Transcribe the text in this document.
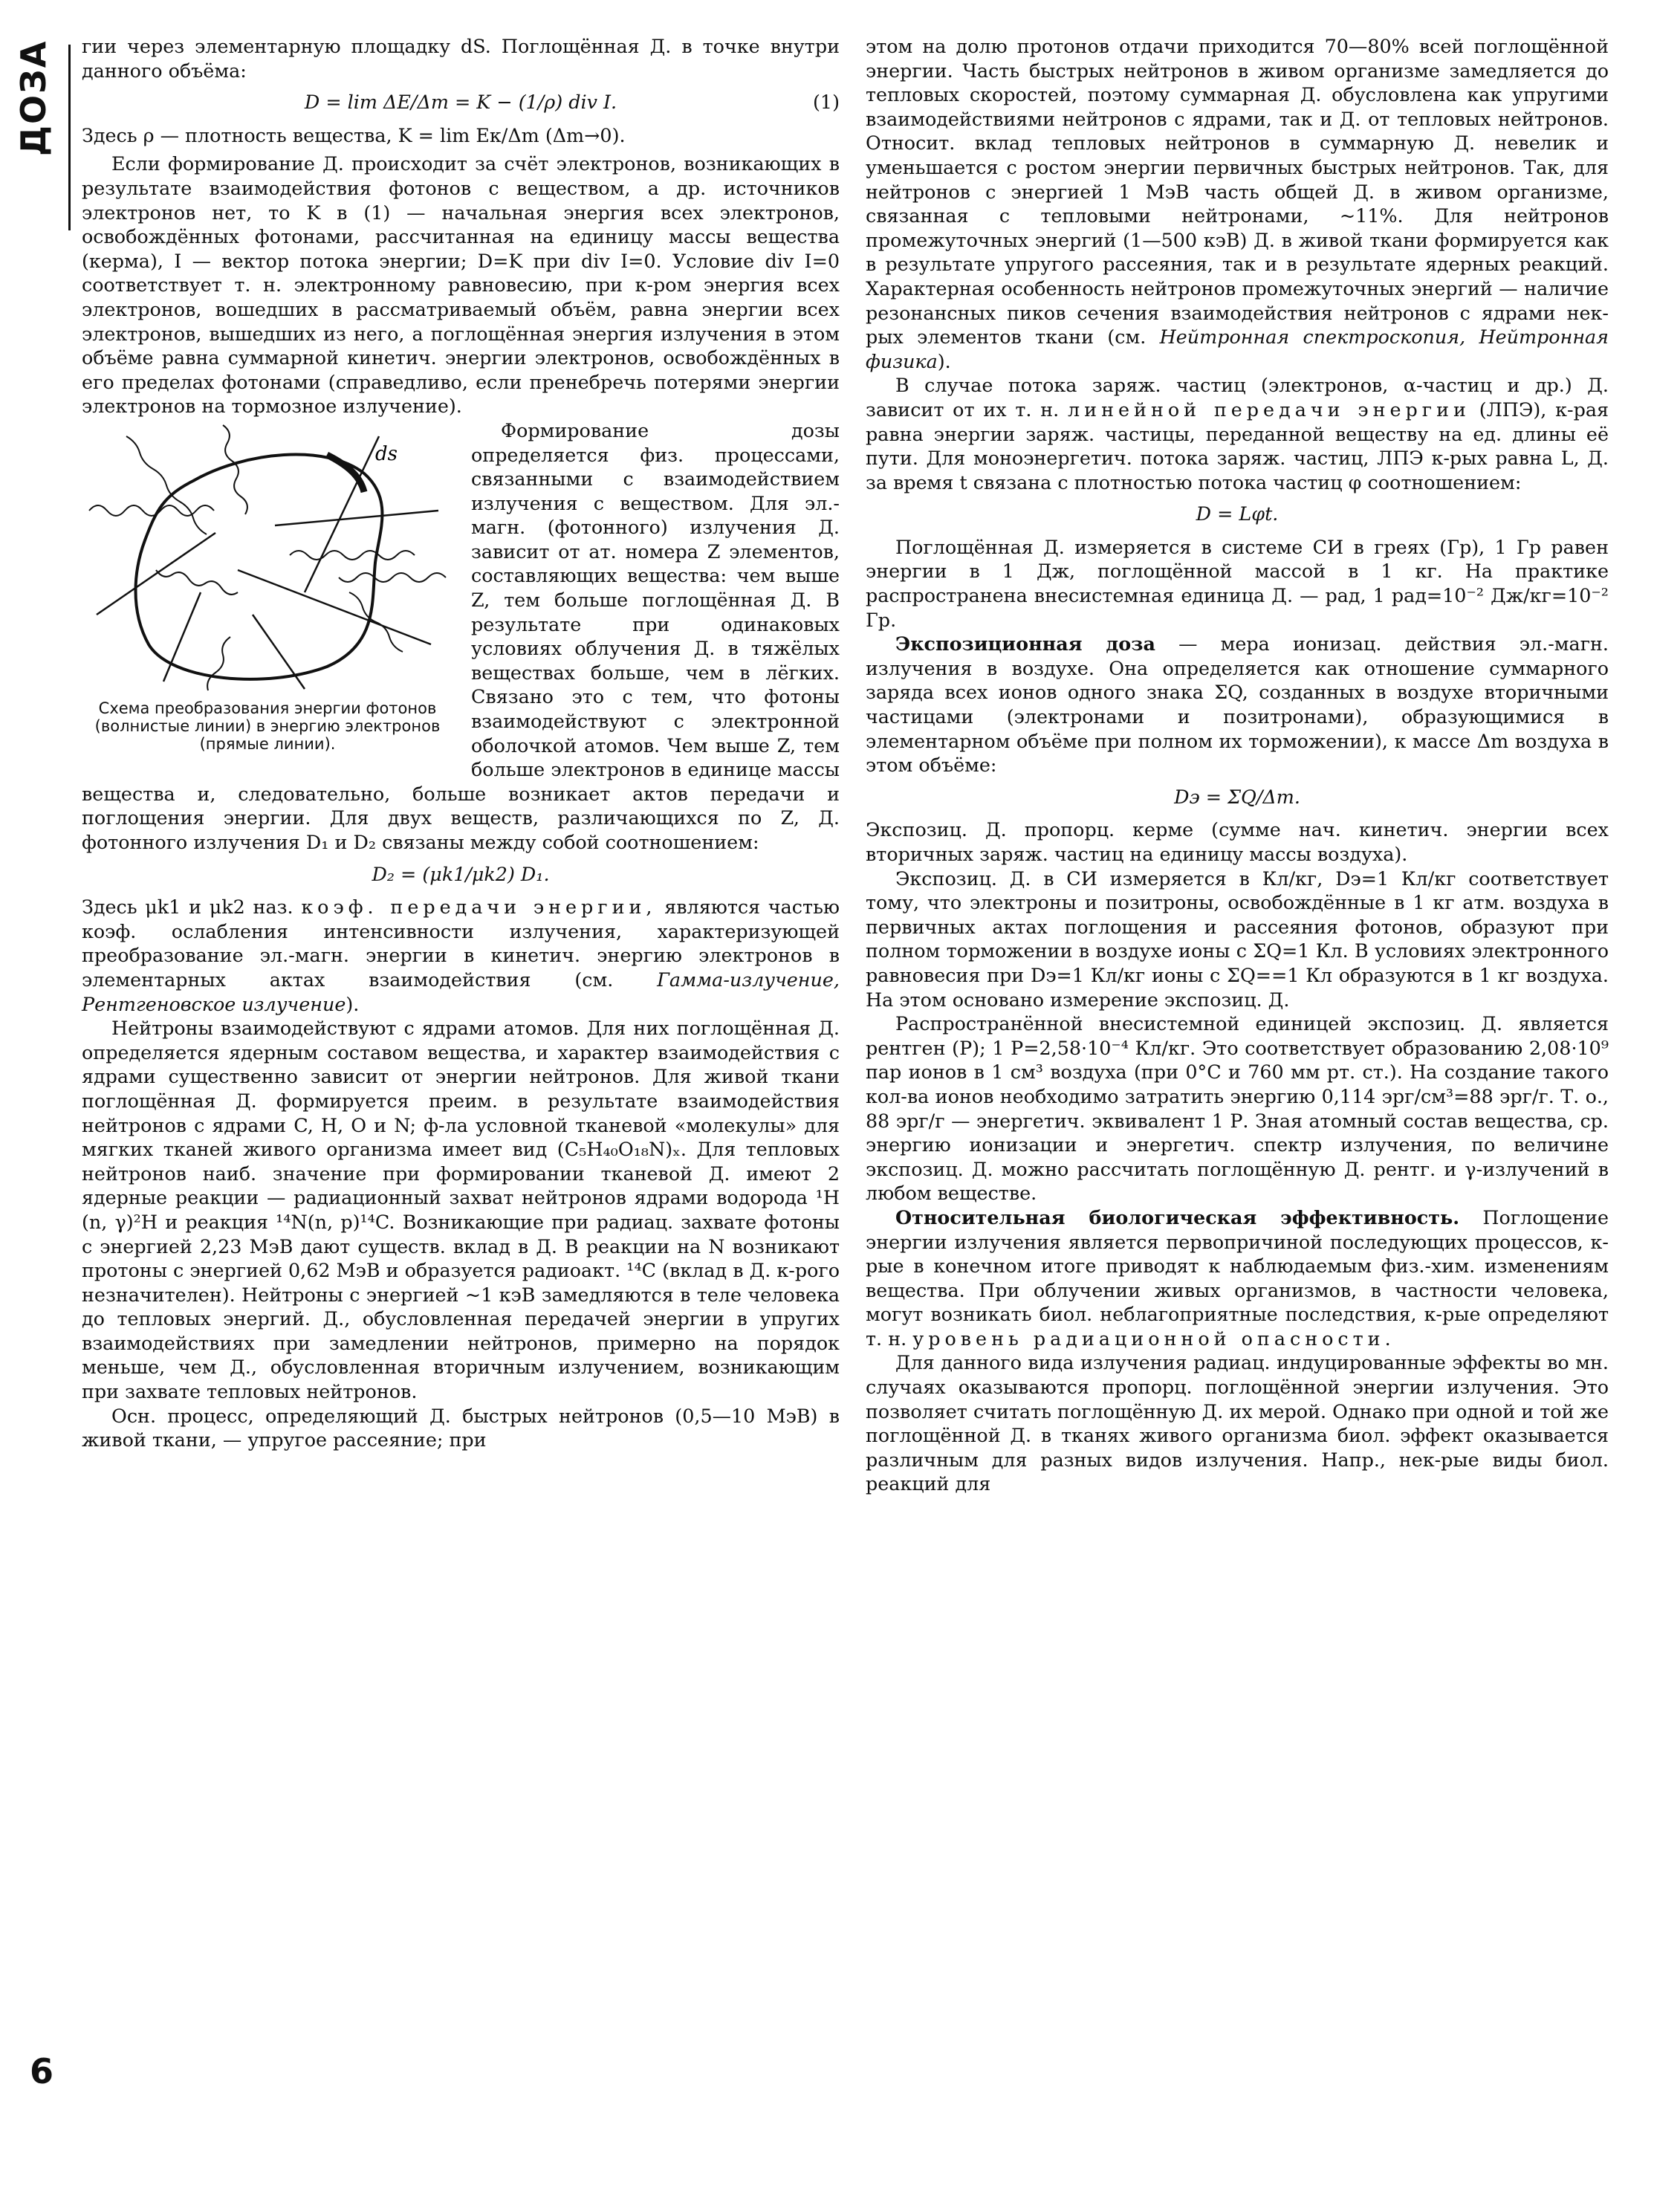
ДОЗА гии через элементарную площадку dS. Поглощённая Д. в точке внутри данного объёма:

D = lim ΔE/Δm = K − (1/ρ) div I.	(1)

Здесь ρ — плотность вещества, K = lim Eк/Δm (Δm→0).

Если формирование Д. происходит за счёт электронов, возникающих в результате взаимодействия фотонов с веществом, а др. источников электронов нет, то K в (1) — начальная энергия всех электронов, освобождённых фотонами, рассчитанная на единицу массы вещества (керма), I — вектор потока энергии; D=K при div I=0. Условие div I=0 соответствует т. н. электронному равновесию, при к-ром энергия всех электронов, вошедших в рассматриваемый объём, равна энергии всех электронов, вышедших из него, а поглощённая энергия излучения в этом объёме равна суммарной кинетич. энергии электронов, освобождённых в его пределах фотонами (справедливо, если пренебречь потерями энергии электронов на тормозное излучение).

ds
Схема преобразования энергии фотонов (волнистые линии) в энергию электронов (прямые линии).

Формирование дозы определяется физ. процессами, связанными с взаимодействием излучения с веществом. Для эл.-магн. (фотонного) излучения Д. зависит от ат. номера Z элементов, составляющих вещества: чем выше Z, тем больше поглощённая Д. В результате при одинаковых условиях облучения Д. в тяжёлых веществах больше, чем в лёгких. Связано это с тем, что фотоны взаимодействуют с электронной оболочкой атомов. Чем выше Z, тем больше электронов в единице массы вещества и, следовательно, больше возникает актов передачи и поглощения энергии. Для двух веществ, различающихся по Z, Д. фотонного излучения D₁ и D₂ связаны между собой соотношением:

D₂ = (μk1/μk2) D₁.

Здесь μk1 и μk2 наз. коэф. передачи энергии, являются частью коэф. ослабления интенсивности излучения, характеризующей преобразование эл.-магн. энергии в кинетич. энергию электронов в элементарных актах взаимодействия (см. Гамма-излучение, Рентгеновское излучение).

Нейтроны взаимодействуют с ядрами атомов. Для них поглощённая Д. определяется ядерным составом вещества, и характер взаимодействия с ядрами существенно зависит от энергии нейтронов. Для живой ткани поглощённая Д. формируется преим. в результате взаимодействия нейтронов с ядрами C, H, O и N; ф-ла условной тканевой «молекулы» для мягких тканей живого организма имеет вид (C₅H₄₀O₁₈N)ₓ. Для тепловых нейтронов наиб. значение при формировании тканевой Д. имеют 2 ядерные реакции — радиационный захват нейтронов ядрами водорода ¹H (n, γ)²H и реакция ¹⁴N(n, p)¹⁴C. Возникающие при радиац. захвате фотоны с энергией 2,23 МэВ дают существ. вклад в Д. В реакции на N возникают протоны с энергией 0,62 МэВ и образуется радиоакт. ¹⁴C (вклад в Д. к-рого незначителен). Нейтроны с энергией ~1 кэВ замедляются в теле человека до тепловых энергий. Д., обусловленная передачей энергии в упругих взаимодействиях при замедлении нейтронов, примерно на порядок меньше, чем Д., обусловленная вторичным излучением, возникающим при захвате тепловых нейтронов.

Осн. процесс, определяющий Д. быстрых нейтронов (0,5—10 МэВ) в живой ткани, — упругое рассеяние; при

этом на долю протонов отдачи приходится 70—80% всей поглощённой энергии. Часть быстрых нейтронов в живом организме замедляется до тепловых скоростей, поэтому суммарная Д. обусловлена как упругими взаимодействиями нейтронов с ядрами, так и Д. от тепловых нейтронов. Относит. вклад тепловых нейтронов в суммарную Д. невелик и уменьшается с ростом энергии первичных быстрых нейтронов. Так, для нейтронов с энергией 1 МэВ часть общей Д. в живом организме, связанная с тепловыми нейтронами, ~11%. Для нейтронов промежуточных энергий (1—500 кэВ) Д. в живой ткани формируется как в результате упругого рассеяния, так и в результате ядерных реакций. Характерная особенность нейтронов промежуточных энергий — наличие резонансных пиков сечения взаимодействия нейтронов с ядрами нек-рых элементов ткани (см. Нейтронная спектроскопия, Нейтронная физика).

В случае потока заряж. частиц (электронов, α-частиц и др.) Д. зависит от их т. н. линейной передачи энергии (ЛПЭ), к-рая равна энергии заряж. частицы, переданной веществу на ед. длины её пути. Для моноэнергетич. потока заряж. частиц, ЛПЭ к-рых равна L, Д. за время t связана с плотностью потока частиц φ соотношением:

D = Lφt.

Поглощённая Д. измеряется в системе СИ в греях (Гр), 1 Гр равен энергии в 1 Дж, поглощённой массой в 1 кг. На практике распространена внесистемная единица Д. — рад, 1 рад=10⁻² Дж/кг=10⁻² Гр.

Экспозиционная доза — мера ионизац. действия эл.-магн. излучения в воздухе. Она определяется как отношение суммарного заряда всех ионов одного знака ΣQ, созданных в воздухе вторичными частицами (электронами и позитронами), образующимися в элементарном объёме при полном их торможении), к массе Δm воздуха в этом объёме:

Dэ = ΣQ/Δm.

Экспозиц. Д. пропорц. керме (сумме нач. кинетич. энергии всех вторичных заряж. частиц на единицу массы воздуха).

Экспозиц. Д. в СИ измеряется в Кл/кг, Dэ=1 Кл/кг соответствует тому, что электроны и позитроны, освобождённые в 1 кг атм. воздуха в первичных актах поглощения и рассеяния фотонов, образуют при полном торможении в воздухе ионы с ΣQ=1 Кл. В условиях электронного равновесия при Dэ=1 Кл/кг ионы с ΣQ==1 Кл образуются в 1 кг воздуха. На этом основано измерение экспозиц. Д.

Распространённой внесистемной единицей экспозиц. Д. является рентген (Р); 1 Р=2,58·10⁻⁴ Кл/кг. Это соответствует образованию 2,08·10⁹ пар ионов в 1 см³ воздуха (при 0°С и 760 мм рт. ст.). На создание такого кол-ва ионов необходимо затратить энергию 0,114 эрг/см³=88 эрг/г. Т. о., 88 эрг/г — энергетич. эквивалент 1 Р. Зная атомный состав вещества, ср. энергию ионизации и энергетич. спектр излучения, по величине экспозиц. Д. можно рассчитать поглощённую Д. рентг. и γ-излучений в любом веществе.

Относительная биологическая эффективность. Поглощение энергии излучения является первопричиной последующих процессов, к-рые в конечном итоге приводят к наблюдаемым физ.-хим. изменениям вещества. При облучении живых организмов, в частности человека, могут возникать биол. неблагоприятные последствия, к-рые определяют т. н. уровень радиационной опасности.

Для данного вида излучения радиац. индуцированные эффекты во мн. случаях оказываются пропорц. поглощённой энергии излучения. Это позволяет считать поглощённую Д. их мерой. Однако при одной и той же поглощённой Д. в тканях живого организма биол. эффект оказывается различным для разных видов излучения. Напр., нек-рые виды биол. реакций для

6
